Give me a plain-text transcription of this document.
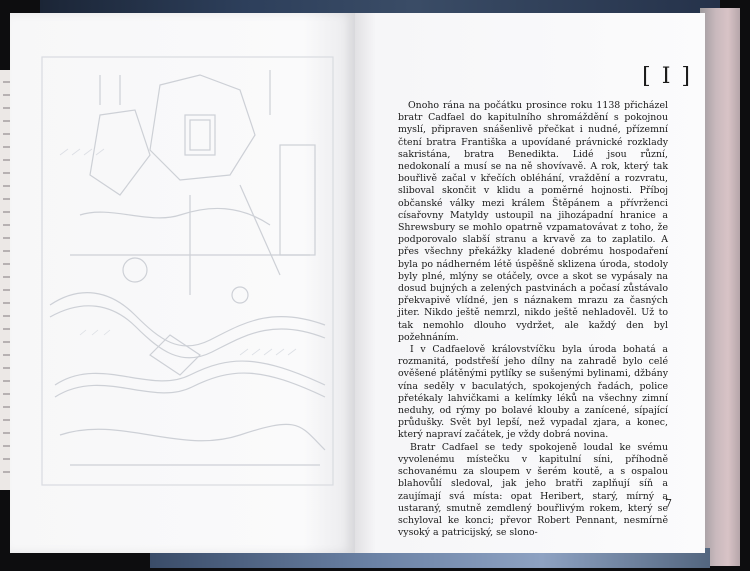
[ I ]

Onoho rána na počátku prosince roku 1138 přicházel bratr Cadfael do kapitulního shromáždění s pokojnou myslí, připraven snášenlivě přečkat i nudné, přízemní čtení bratra Františka a upovídané právnické rozklady sakristána, bratra Benedikta. Lidé jsou různí, nedokonalí a musí se na ně shovívavě. A rok, který tak bouřlivě začal v křečích obléhání, vraždění a rozvratu, sliboval skončit v klidu a poměrné hojnosti. Příboj občanské války mezi králem Štěpánem a přívrženci císařovny Matyldy ustoupil na jihozápadní hranice a Shrewsbury se mohlo opatrně vzpamatovávat z toho, že podporovalo slabší stranu a krvavě za to zaplatilo. A přes všechny překážky kladené dobrému hospodaření byla po nádherném létě úspěšně sklizena úroda, stodoly byly plné, mlýny se otáčely, ovce a skot se vypásaly na dosud bujných a zelených pastvinách a počasí zůstávalo překvapivě vlídné, jen s náznakem mrazu za časných jiter. Nikdo ještě nemrzl, nikdo ještě nehladověl. Už to tak nemohlo dlouho vydržet, ale každý den byl požehnáním.

I v Cadfaelově královstvíčku byla úroda bohatá a rozmanitá, podstřeší jeho dílny na zahradě bylo celé ověšené plátěnými pytlíky se sušenými bylinami, džbány vína seděly v baculatých, spokojených řadách, police přetékaly lahvičkami a kelímky léků na všechny zimní neduhy, od rýmy po bolavé klouby a zanícené, sípající průdušky. Svět byl lepší, než vypadal zjara, a konec, který napraví začátek, je vždy dobrá novina.

Bratr Cadfael se tedy spokojeně loudal ke svému vyvolenému místečku v kapitulní síni, příhodně schovanému za sloupem v šerém koutě, a s ospalou blahovůlí sledoval, jak jeho bratři zaplňují síň a zaujímají svá místa: opat Heribert, starý, mírný a ustaraný, smutně zemdlený bouřlivým rokem, který se schyloval ke konci; převor Robert Pennant, nesmírně vysoký a patricijský, se slono-

7
